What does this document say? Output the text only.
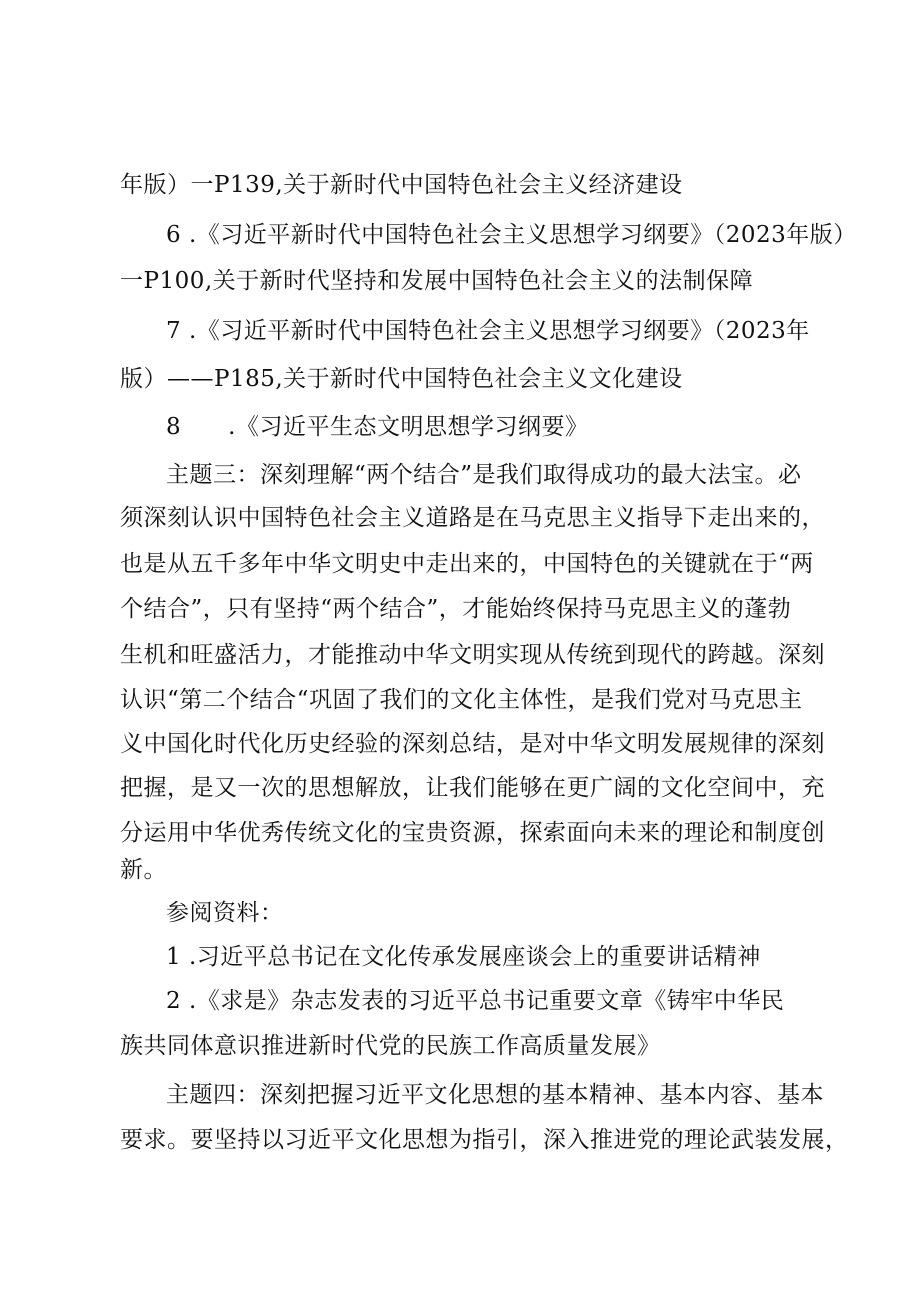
年版）一P139,关于新时代中国特色社会主义经济建设
6 .《习近平新时代中国特色社会主义思想学习纲要》（2023年版）
一P100,关于新时代坚持和发展中国特色社会主义的法制保障
7 .《习近平新时代中国特色社会主义思想学习纲要》（2023年
版）——P185,关于新时代中国特色社会主义文化建设
8　　.《习近平生态文明思想学习纲要》
主题三：深刻理解“两个结合”是我们取得成功的最大法宝。必
须深刻认识中国特色社会主义道路是在马克思主义指导下走出来的，
也是从五千多年中华文明史中走出来的，中国特色的关键就在于“两
个结合”，只有坚持“两个结合”，才能始终保持马克思主义的蓬勃
生机和旺盛活力，才能推动中华文明实现从传统到现代的跨越。深刻
认识“第二个结合“巩固了我们的文化主体性，是我们党对马克思主
义中国化时代化历史经验的深刻总结，是对中华文明发展规律的深刻
把握，是又一次的思想解放，让我们能够在更广阔的文化空间中，充
分运用中华优秀传统文化的宝贵资源，探索面向未来的理论和制度创
新。
参阅资料：
1 .习近平总书记在文化传承发展座谈会上的重要讲话精神
2 .《求是》杂志发表的习近平总书记重要文章《铸牢中华民
族共同体意识推进新时代党的民族工作高质量发展》
主题四：深刻把握习近平文化思想的基本精神、基本内容、基本
要求。要坚持以习近平文化思想为指引，深入推进党的理论武装发展，
